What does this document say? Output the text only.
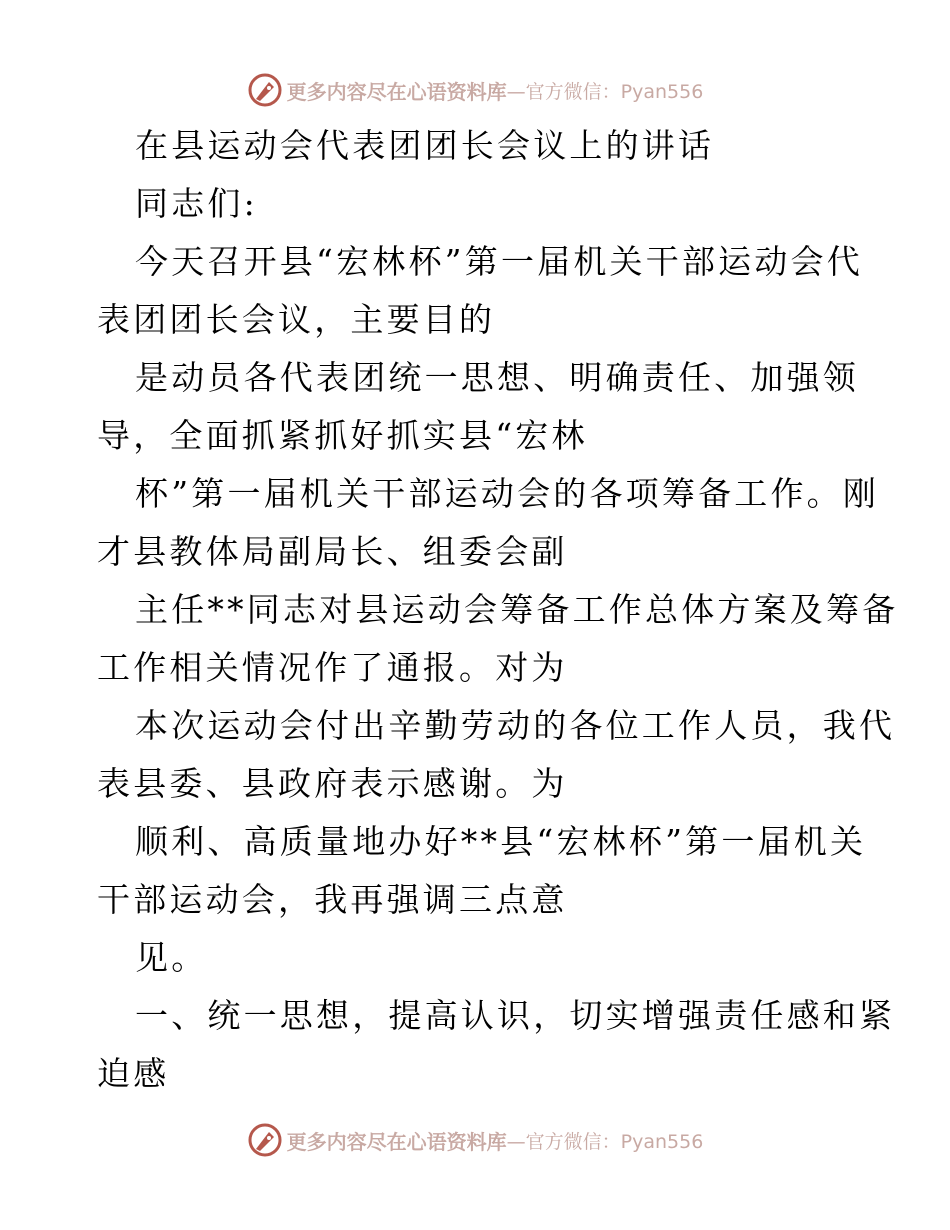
更多内容尽在心语资料库 —官方微信：Pyan556
在县运动会代表团团长会议上的讲话
同志们:
今天召开县“宏林杯”第一届机关干部运动会代
表团团长会议，主要目的
是动员各代表团统一思想、明确责任、加强领
导，全面抓紧抓好抓实县“宏林
杯”第一届机关干部运动会的各项筹备工作。刚
才县教体局副局长、组委会副
主任**同志对县运动会筹备工作总体方案及筹备
工作相关情况作了通报。对为
本次运动会付出辛勤劳动的各位工作人员，我代
表县委、县政府表示感谢。为
顺利、高质量地办好**县“宏林杯”第一届机关
干部运动会，我再强调三点意
见。
一、统一思想，提高认识，切实增强责任感和紧
迫感
更多内容尽在心语资料库 —官方微信：Pyan556
